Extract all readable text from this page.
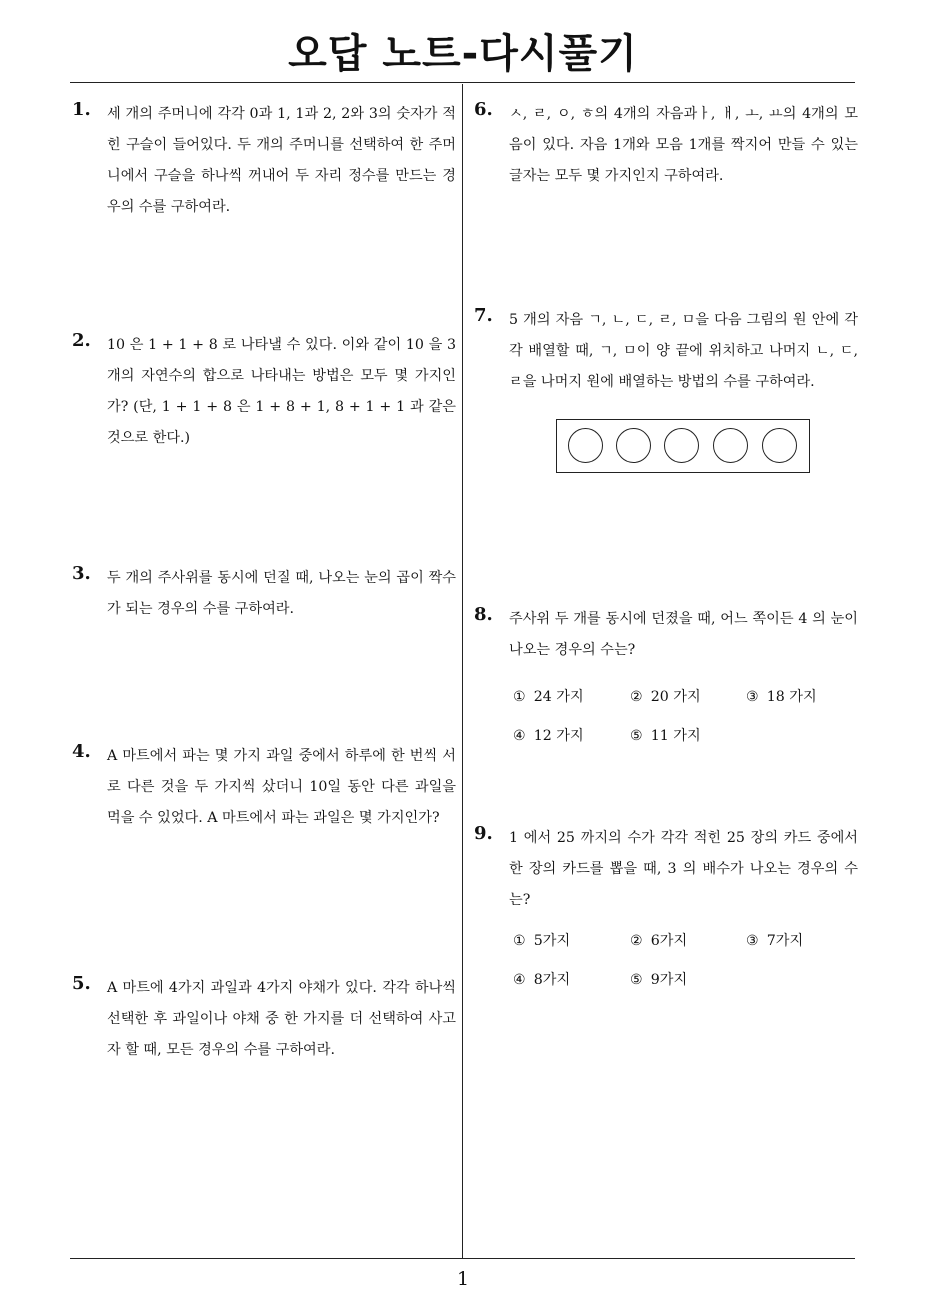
오답 노트-다시풀기
1
1. 세 개의 주머니에 각각 0과 1, 1과 2, 2와 3의 숫자가 적힌 구슬이 들어있다. 두 개의 주머니를 선택하여 한 주머니에서 구슬을 하나씩 꺼내어 두 자리 정수를 만드는 경우의 수를 구하여라.
2. 10 은 1 + 1 + 8 로 나타낼 수 있다. 이와 같이 10 을 3 개의 자연수의 합으로 나타내는 방법은 모두 몇 가지인가? (단, 1 + 1 + 8 은 1 + 8 + 1, 8 + 1 + 1 과 같은 것으로 한다.)
3. 두 개의 주사위를 동시에 던질 때, 나오는 눈의 곱이 짝수가 되는 경우의 수를 구하여라.
4. A 마트에서 파는 몇 가지 과일 중에서 하루에 한 번씩 서로 다른 것을 두 가지씩 샀더니 10일 동안 다른 과일을 먹을 수 있었다. A 마트에서 파는 과일은 몇 가지인가?
5. A 마트에 4가지 과일과 4가지 야채가 있다. 각각 하나씩 선택한 후 과일이나 야채 중 한 가지를 더 선택하여 사고자 할 때, 모든 경우의 수를 구하여라.
6. ㅅ, ㄹ, ㅇ, ㅎ의 4개의 자음과ㅏ, ㅐ, ㅗ, ㅛ의 4개의 모음이 있다. 자음 1개와 모음 1개를 짝지어 만들 수 있는 글자는 모두 몇 가지인지 구하여라.
7. 5 개의 자음 ㄱ, ㄴ, ㄷ, ㄹ, ㅁ을 다음 그림의 원 안에 각각 배열할 때, ㄱ, ㅁ이 양 끝에 위치하고 나머지 ㄴ, ㄷ, ㄹ을 나머지 원에 배열하는 방법의 수를 구하여라.
8. 주사위 두 개를 동시에 던졌을 때, 어느 쪽이든 4 의 눈이 나오는 경우의 수는?
① 24 가지	② 20 가지	③ 18 가지
④ 12 가지	⑤ 11 가지
9. 1 에서 25 까지의 수가 각각 적힌 25 장의 카드 중에서 한 장의 카드를 뽑을 때, 3 의 배수가 나오는 경우의 수는?
① 5가지	② 6가지	③ 7가지
④ 8가지	⑤ 9가지
